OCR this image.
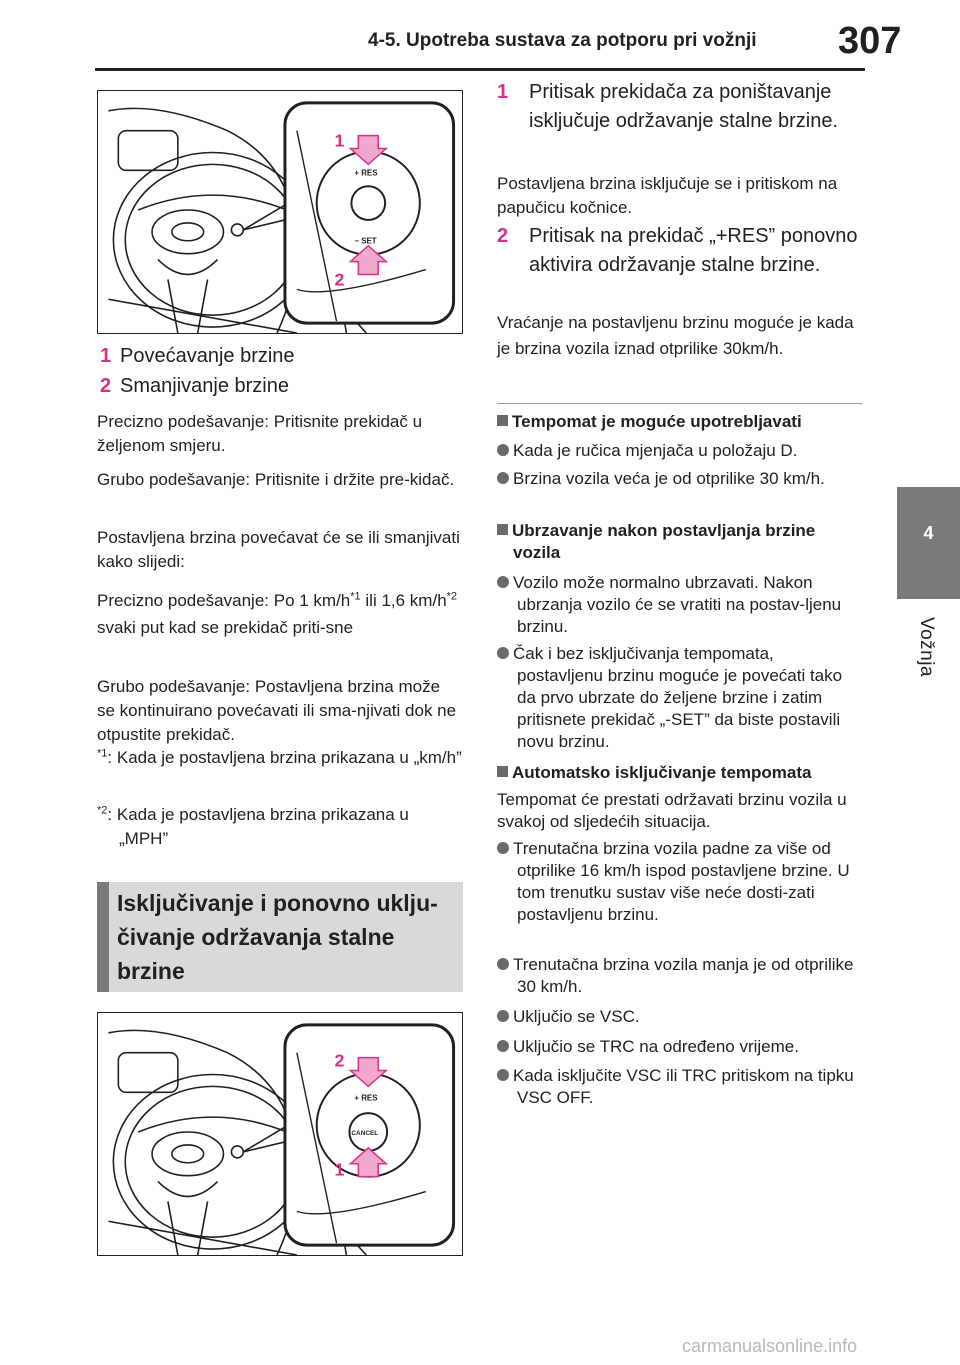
4-5. Upotreba sustava za potporu pri vožnji 307
4
Vožnja
+ RES
− SET
1
2
1 Povećavanje brzine
2 Smanjivanje brzine
Precizno podešavanje: Pritisnite prekidač u željenom smjeru.
Grubo podešavanje: Pritisnite i držite pre-kidač.
Postavljena brzina povećavat će se ili smanjivati kako slijedi:
Precizno podešavanje: Po 1 $km/h^{*1}$ ili 1,6 $km/h^{*2}$ svaki put kad se prekidač priti-sne
Grubo podešavanje: Postavljena brzina može se kontinuirano povećavati ili sma-njivati dok ne otpustite prekidač.
$^{*1}$: Kada je postavljena brzina prikazana u „km/h”
$^{*2}$: Kada je postavljena brzina prikazana u „MPH”
Isključivanje i ponovno uklju-čivanje održavanja stalne brzine
+ RES
CANCEL
2
1
1 Pritisak prekidača za poništavanje isključuje održavanje stalne brzine.
Postavljena brzina isključuje se i pritiskom na papučicu kočnice.
2 Pritisak na prekidač „+RES” ponovno aktivira održavanje stalne brzine.
Vraćanje na postavljenu brzinu moguće je kada je brzina vozila iznad otprilike 30km/h.
Tempomat je moguće upotrebljavati
Kada je ručica mjenjača u položaju D.
Brzina vozila veća je od otprilike 30 km/h.
Ubrzavanje nakon postavljanja brzine vozila
Vozilo može normalno ubrzavati. Nakon ubrzanja vozilo će se vratiti na postav-ljenu brzinu.
Čak i bez isključivanja tempomata, postavljenu brzinu moguće je povećati tako da prvo ubrzate do željene brzine i zatim pritisnete prekidač „-SET” da biste postavili novu brzinu.
Automatsko isključivanje tempomata
Tempomat će prestati održavati brzinu vozila u svakoj od sljedećih situacija.
Trenutačna brzina vozila padne za više od otprilike 16 km/h ispod postavljene brzine. U tom trenutku sustav više neće dosti-zati postavljenu brzinu.
Trenutačna brzina vozila manja je od otprilike 30 km/h.
Uključio se VSC.
Uključio se TRC na određeno vrijeme.
Kada isključite VSC ili TRC pritiskom na tipku VSC OFF.
carmanualsonline.info
